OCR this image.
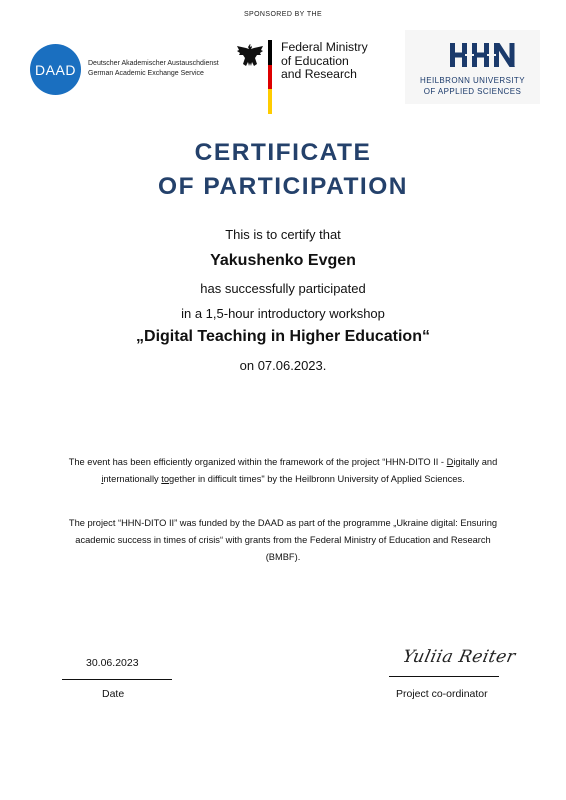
SPONSORED BY THE
DAAD Deutscher Akademischer Austauschdienst
German Academic Exchange Service
Federal Ministry
of Education
and Research	HEILBRONN UNIVERSITY
OF APPLIED SCIENCES
CERTIFICATE
OF PARTICIPATION
This is to certify that
Yakushenko Evgen
has successfully participated
in a 1,5-hour introductory workshop
„Digital Teaching in Higher Education“
on 07.06.2023.
The event has been efficiently organized within the framework of the project “HHN-DITO II - Digitally and internationally together in difficult times" by the Heilbronn University of Applied Sciences.
The project “HHN-DITO II” was funded by the DAAD as part of the programme „Ukraine digital: Ensuring academic success in times of crisis“ with grants from the Federal Ministry of Education and Research (BMBF).
30.06.2023
Date
Yuliia Reiter
Project co-ordinator
